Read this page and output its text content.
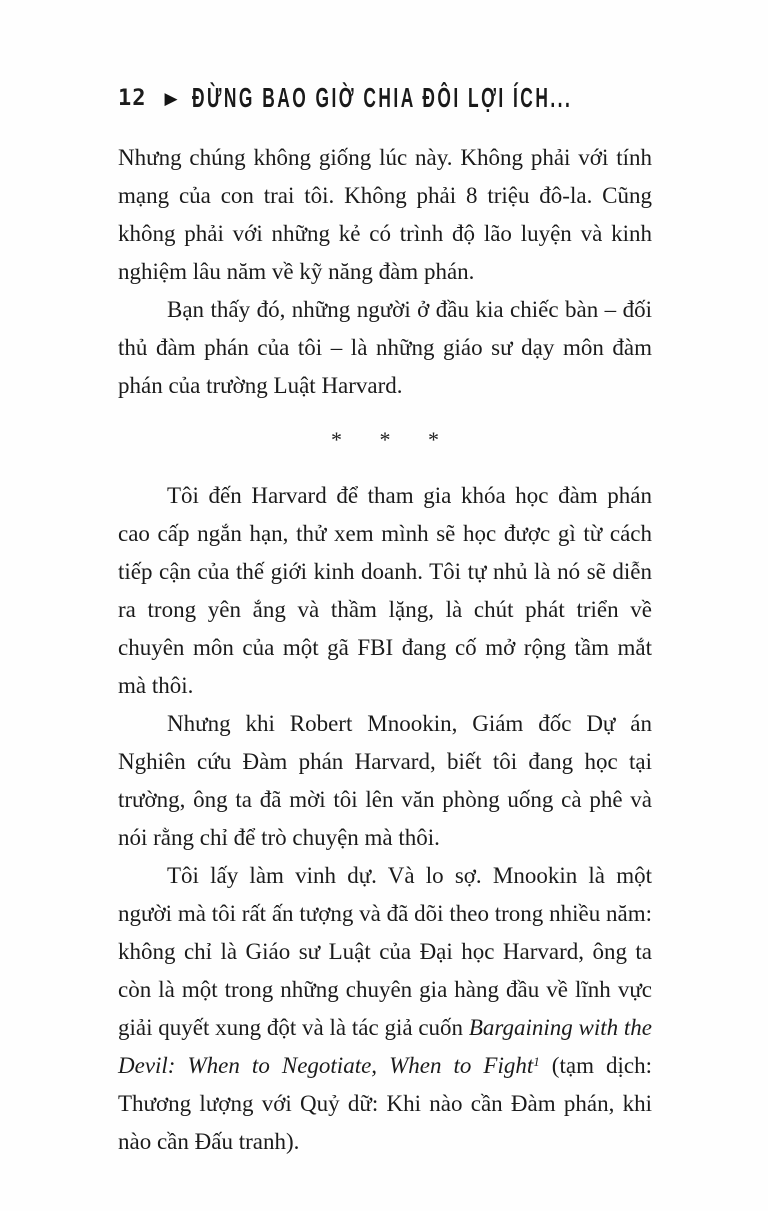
12 ▶ ĐỪNG BAO GIỜ CHIA ĐÔI LỢI ÍCH...

Nhưng chúng không giống lúc này. Không phải với tính mạng của con trai tôi. Không phải 8 triệu đô-la. Cũng không phải với những kẻ có trình độ lão luyện và kinh nghiệm lâu năm về kỹ năng đàm phán.

Bạn thấy đó, những người ở đầu kia chiếc bàn – đối thủ đàm phán của tôi – là những giáo sư dạy môn đàm phán của trường Luật Harvard.

* * *

Tôi đến Harvard để tham gia khóa học đàm phán cao cấp ngắn hạn, thử xem mình sẽ học được gì từ cách tiếp cận của thế giới kinh doanh. Tôi tự nhủ là nó sẽ diễn ra trong yên ắng và thầm lặng, là chút phát triển về chuyên môn của một gã FBI đang cố mở rộng tầm mắt mà thôi.

Nhưng khi Robert Mnookin, Giám đốc Dự án Nghiên cứu Đàm phán Harvard, biết tôi đang học tại trường, ông ta đã mời tôi lên văn phòng uống cà phê và nói rằng chỉ để trò chuyện mà thôi.

Tôi lấy làm vinh dự. Và lo sợ. Mnookin là một người mà tôi rất ấn tượng và đã dõi theo trong nhiều năm: không chỉ là Giáo sư Luật của Đại học Harvard, ông ta còn là một trong những chuyên gia hàng đầu về lĩnh vực giải quyết xung đột và là tác giả cuốn Bargaining with the Devil: When to Negotiate, When to Fight$^1$ (tạm dịch: Thương lượng với Quỷ dữ: Khi nào cần Đàm phán, khi nào cần Đấu tranh).
